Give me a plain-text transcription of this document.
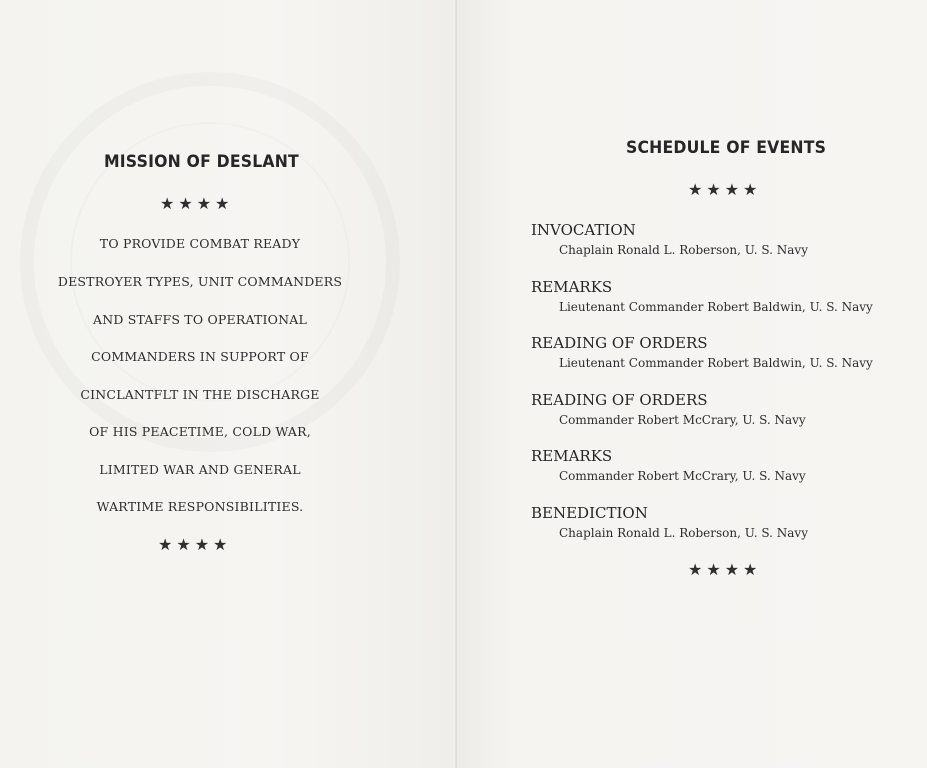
MISSION OF DESLANT
★★★★
TO PROVIDE COMBAT READY
DESTROYER TYPES, UNIT COMMANDERS
AND STAFFS TO OPERATIONAL
COMMANDERS IN SUPPORT OF
CINCLANTFLT IN THE DISCHARGE
OF HIS PEACETIME, COLD WAR,
LIMITED WAR AND GENERAL
WARTIME RESPONSIBILITIES.
★★★★
SCHEDULE OF EVENTS
★★★★
INVOCATION
Chaplain Ronald L. Roberson, U. S. Navy
REMARKS
Lieutenant Commander Robert Baldwin, U. S. Navy
READING OF ORDERS
Lieutenant Commander Robert Baldwin, U. S. Navy
READING OF ORDERS
Commander Robert McCrary, U. S. Navy
REMARKS
Commander Robert McCrary, U. S. Navy
BENEDICTION
Chaplain Ronald L. Roberson, U. S. Navy
★★★★
